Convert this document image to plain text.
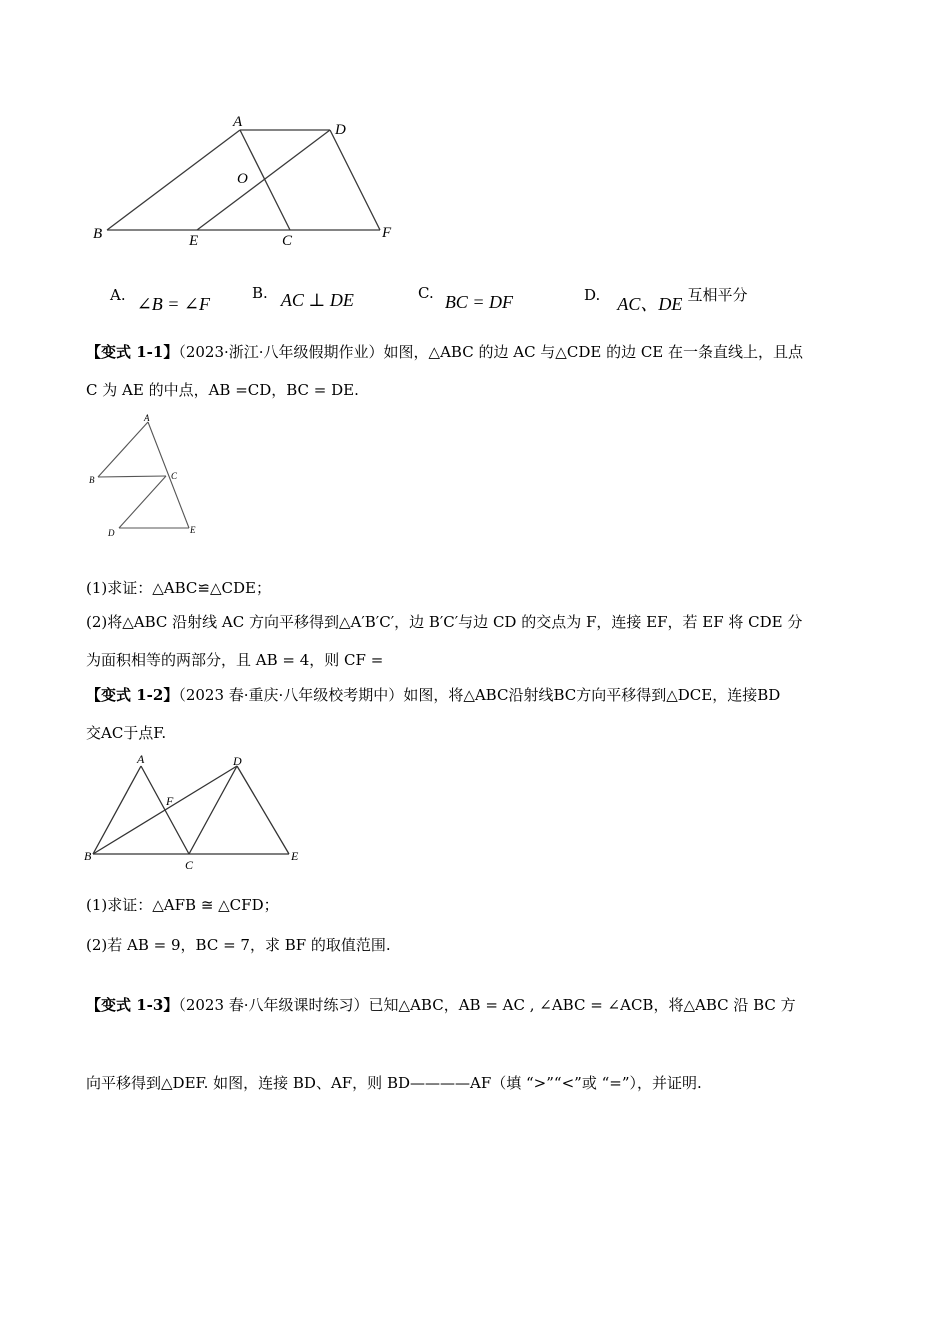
A	D
O
B	E	C	F
A. ∠B = ∠F
B. AC ⊥ DE	C. BC = DF	D. AC、DE 互相平分
【变式 1-1】（2023·浙江·八年级假期作业）如图，△ABC 的边 AC 与△CDE 的边 CE 在一条直线上，且点
C 为 AE 的中点，AB =CD，BC = DE.
A
B	C
D	E
(1)求证：△ABC≌△CDE；
(2)将△ABC 沿射线 AC 方向平移得到△A′B′C′，边 B′C′与边 CD 的交点为 F，连接 EF，若 EF 将 CDE 分
为面积相等的两部分，且 AB = 4，则 CF =
【变式 1-2】（2023 春·重庆·八年级校考期中）如图，将△ABC沿射线BC方向平移得到△DCE，连接BD
交AC于点F.
A	D
F
B
C
E
(1)求证：△AFB ≅ △CFD；
(2)若 AB = 9，BC = 7，求 BF 的取值范围.
【变式 1-3】（2023 春·八年级课时练习）已知△ABC，AB = AC , ∠ABC = ∠ACB，将△ABC 沿 BC 方
向平移得到△DEF. 如图，连接 BD、AF，则 BD————AF（填 “>”“<”或 “=”），并证明.
